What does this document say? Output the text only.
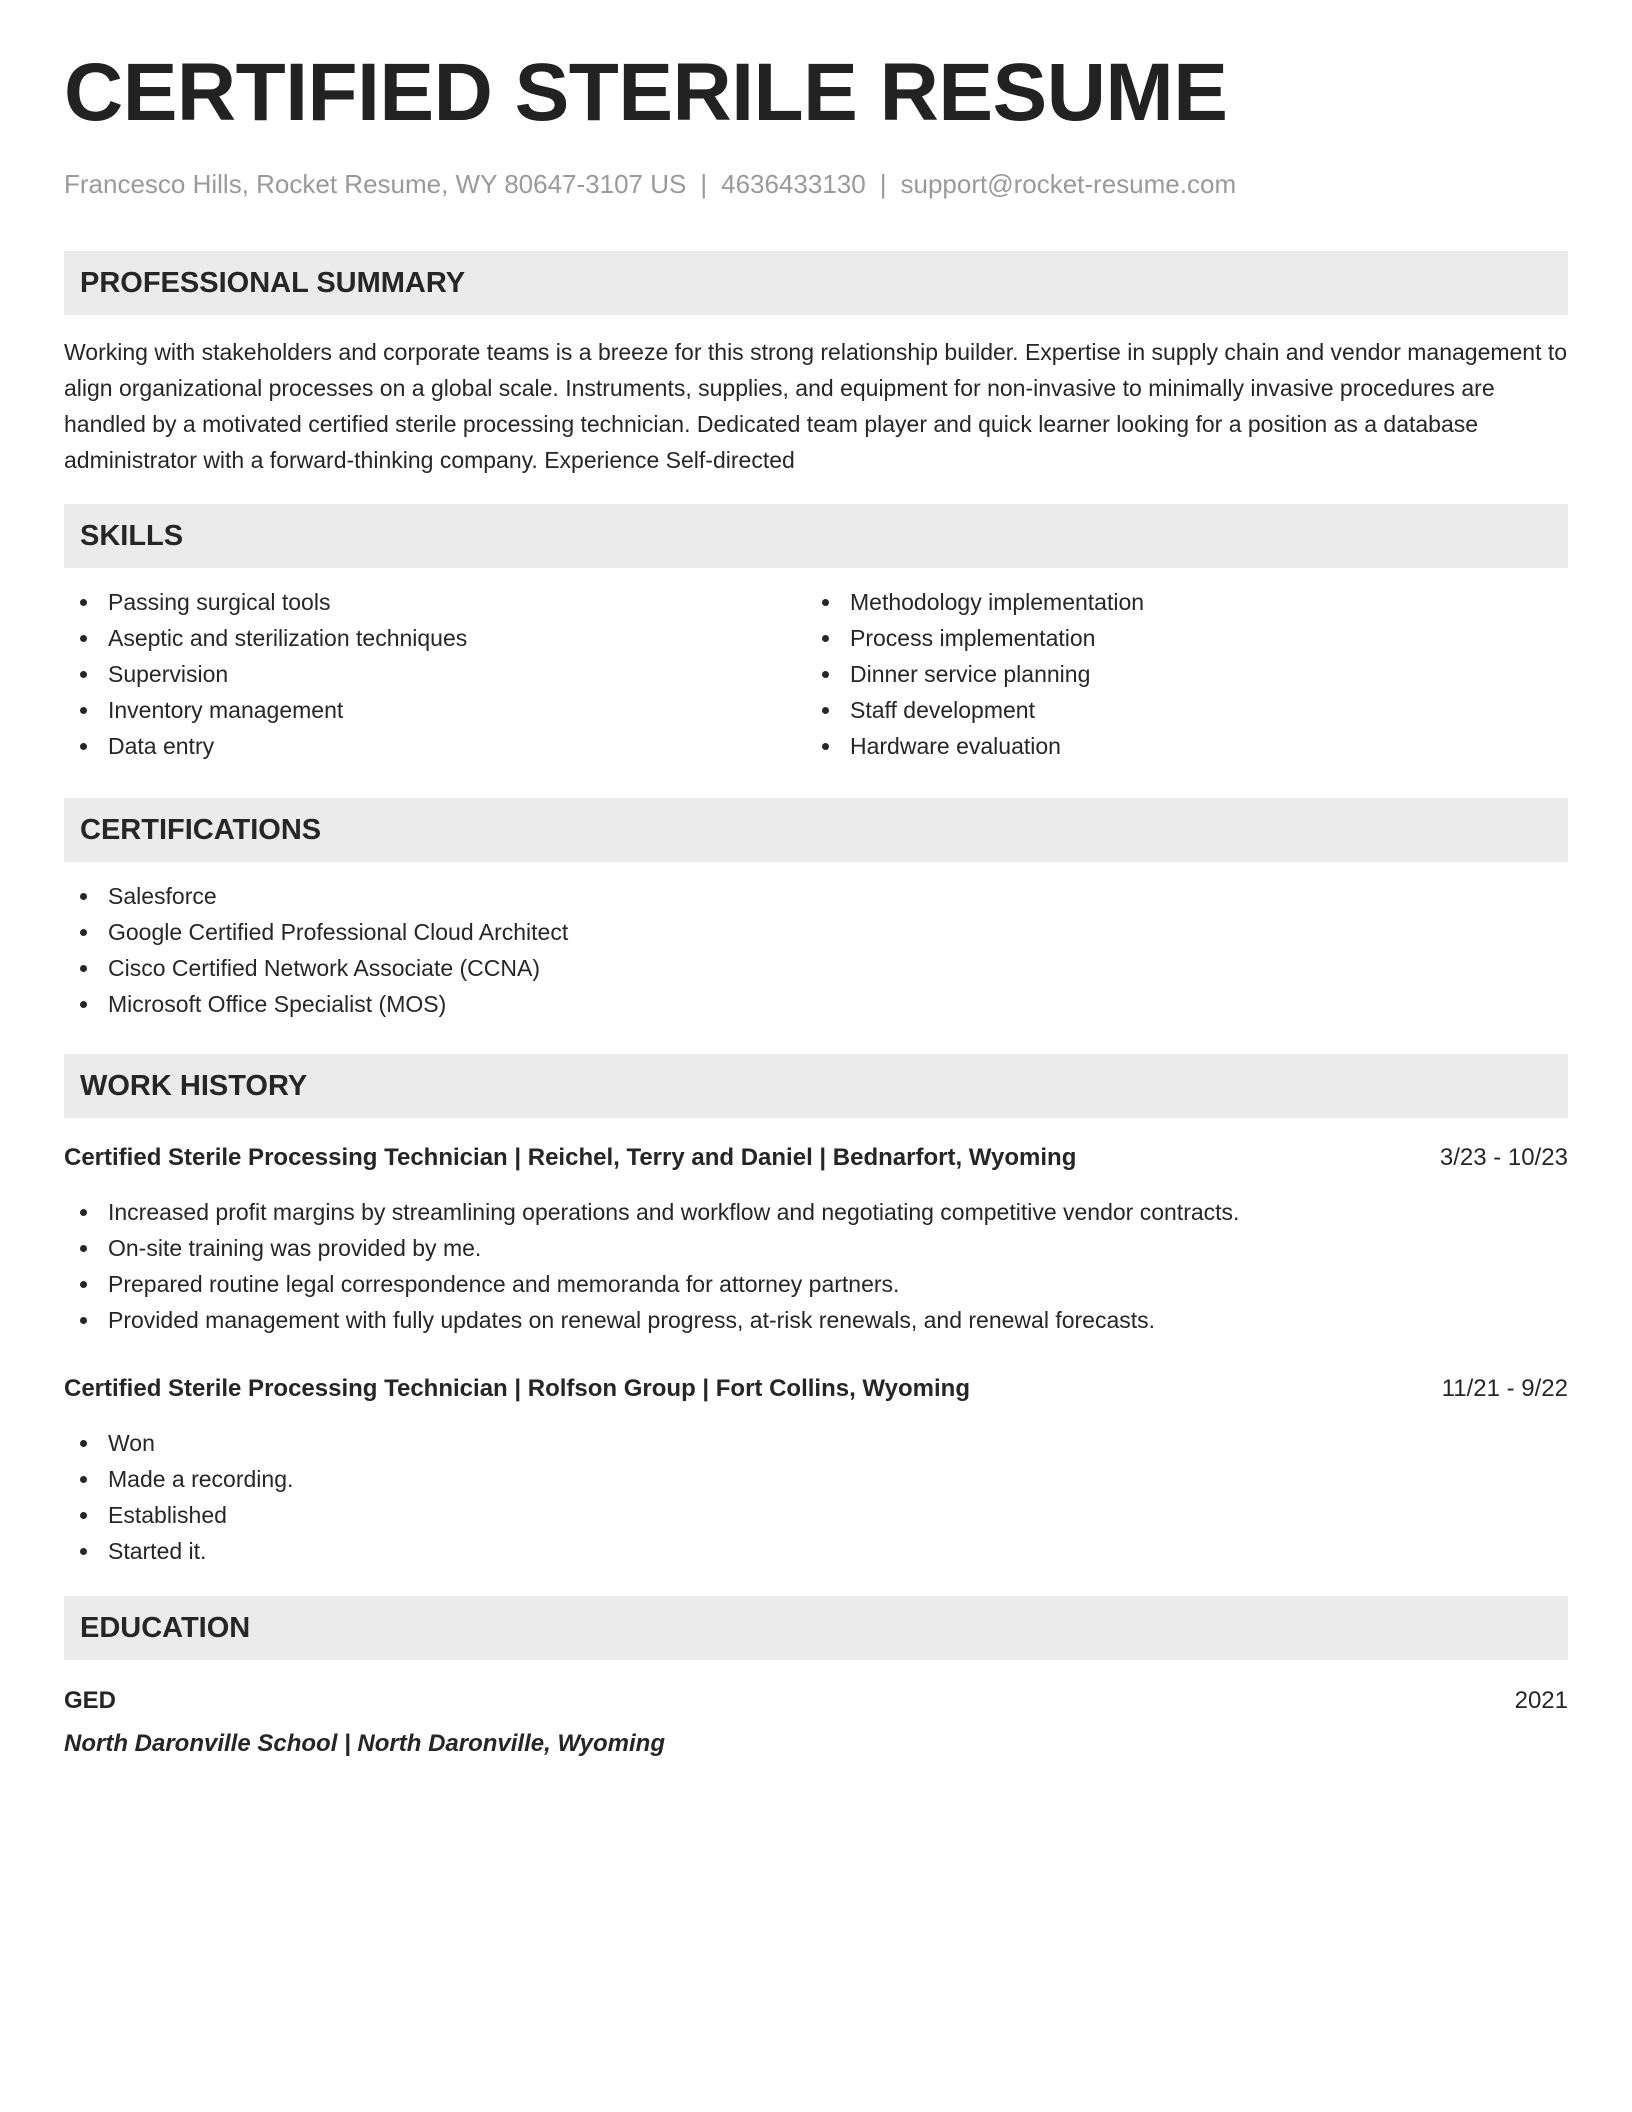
CERTIFIED STERILE RESUME
Francesco Hills, Rocket Resume, WY 80647-3107 US | 4636433130 | support@rocket-resume.com
PROFESSIONAL SUMMARY

Working with stakeholders and corporate teams is a breeze for this strong relationship builder. Expertise in supply chain and vendor management to align organizational processes on a global scale. Instruments, supplies, and equipment for non-invasive to minimally invasive procedures are handled by a motivated certified sterile processing technician. Dedicated team player and quick learner looking for a position as a database administrator with a forward-thinking company. Experience Self-directed

SKILLS
Passing surgical tools
Aseptic and sterilization techniques
Supervision
Inventory management
Data entry
Methodology implementation
Process implementation
Dinner service planning
Staff development
Hardware evaluation
CERTIFICATIONS
Salesforce
Google Certified Professional Cloud Architect
Cisco Certified Network Associate (CCNA)
Microsoft Office Specialist (MOS)
WORK HISTORY
Certified Sterile Processing Technician | Reichel, Terry and Daniel | Bednarfort, Wyoming	3/23 - 10/23
Increased profit margins by streamlining operations and workflow and negotiating competitive vendor contracts.
On-site training was provided by me.
Prepared routine legal correspondence and memoranda for attorney partners.
Provided management with fully updates on renewal progress, at-risk renewals, and renewal forecasts.
Certified Sterile Processing Technician | Rolfson Group | Fort Collins, Wyoming	11/21 - 9/22
Won
Made a recording.
Established
Started it.
EDUCATION
GED	2021
North Daronville School | North Daronville, Wyoming
